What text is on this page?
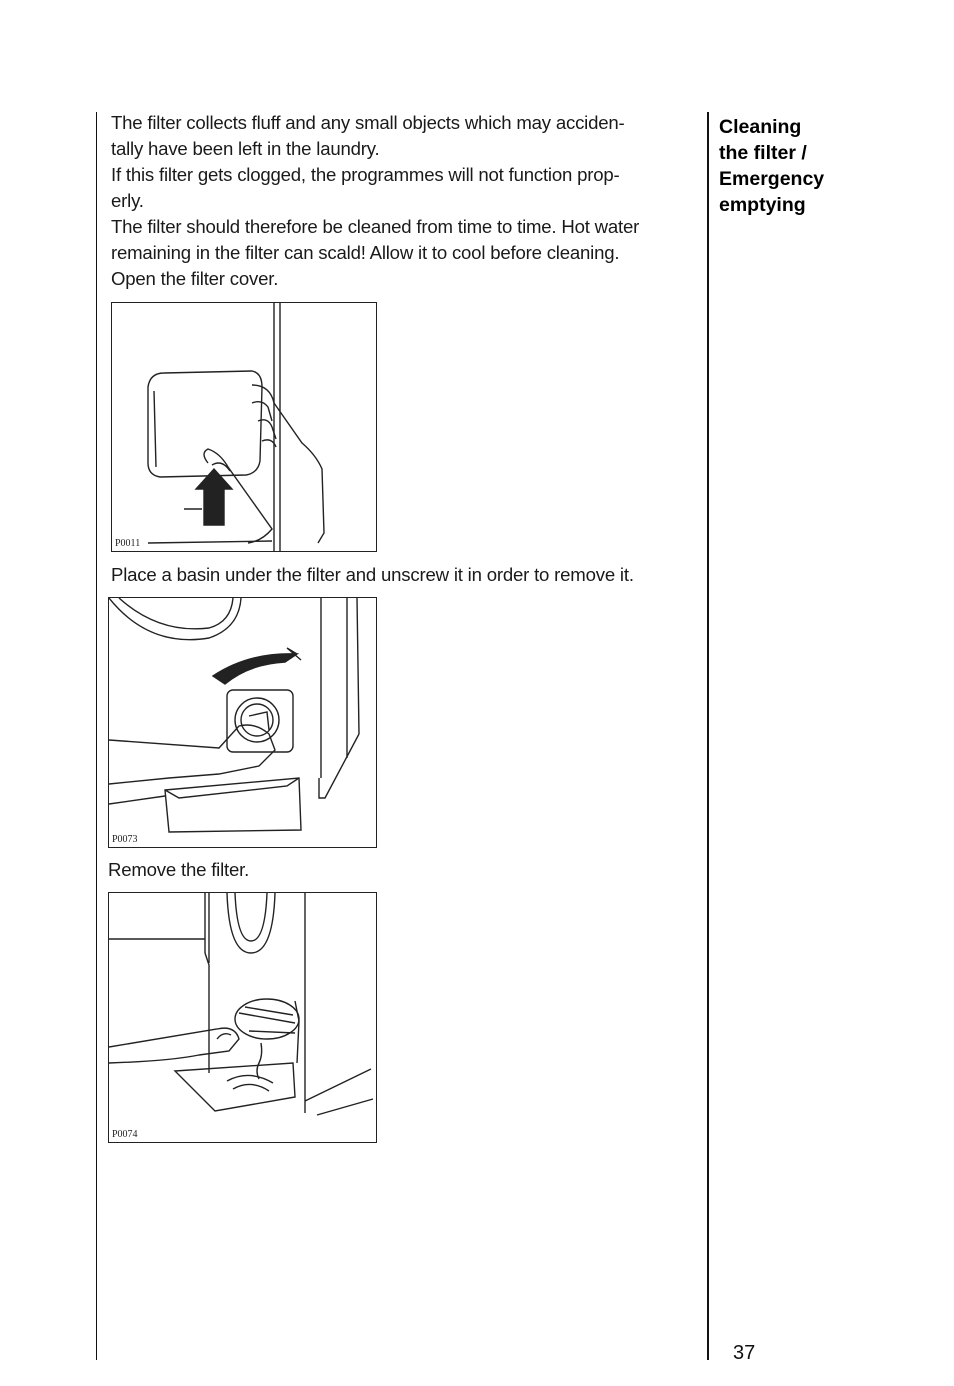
Cleaning
the filter /
Emergency
emptying

The filter collects fluff and any small objects which may acciden-

tally have been left in the laundry.

If this filter gets clogged, the programmes will not function prop-

erly.

The filter should therefore be cleaned from time to time. Hot water

remaining in the filter can scald! Allow it to cool before cleaning.

Open the filter cover.

P0011
Place a basin under the filter and unscrew it in order to remove it.
P0073
Remove the filter.
P0074
37
